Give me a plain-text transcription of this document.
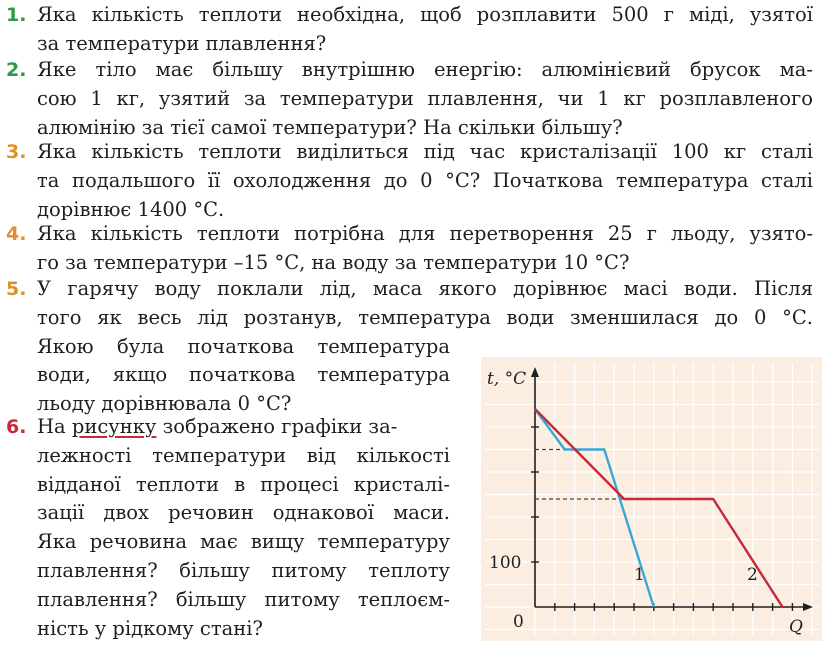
1. Яка кількість теплоти необхідна, щоб розплавити 500 г міді, узятої
за температури плавлення?
2. Яке тіло має більшу внутрішню енергію: алюмінієвий брусок ма-
сою 1 кг, узятий за температури плавлення, чи 1 кг розплавленого
алюмінію за тієї самої температури? На скільки більшу?
3. Яка кількість теплоти виділиться під час кристалізації 100 кг сталі
та подальшого її охолодження до 0 °С? Початкова температура сталі
дорівнює 1400 °С.
4. Яка кількість теплоти потрібна для перетворення 25 г льоду, узято-
го за температури –15 °С, на воду за температури 10 °С?
5. У гарячу воду поклали лід, маса якого дорівнює масі води. Після
того як весь лід розтанув, температура води зменшилася до 0 °С.
Якою була початкова температура
води, якщо початкова температура
льоду дорівнювала 0 °С?
6. На рисунку зображено графіки за-
лежності температури від кількості
відданої теплоти в процесі кристалі-
зації двох речовин однакової маси.
Яка речовина має вищу температуру
плавлення? більшу питому теплоту
плавлення? більшу питому теплоєм-
ність у рідкому стані?
t, °C
Q
0
100
1	2
